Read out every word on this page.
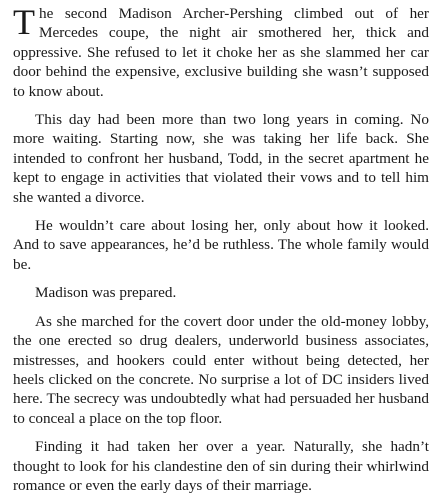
The second Madison Archer-Pershing climbed out of her Mercedes coupe, the night air smothered her, thick and oppressive. She refused to let it choke her as she slammed her car door behind the expensive, exclusive building she wasn’t supposed to know about.

This day had been more than two long years in coming. No more waiting. Starting now, she was taking her life back. She intended to confront her husband, Todd, in the secret apartment he kept to engage in activities that violated their vows and to tell him she wanted a divorce.

He wouldn’t care about losing her, only about how it looked. And to save appearances, he’d be ruthless. The whole family would be.

Madison was prepared.

As she marched for the covert door under the old-money lobby, the one erected so drug dealers, underworld business associates, mistresses, and hookers could enter without being detected, her heels clicked on the concrete. No surprise a lot of DC insiders lived here. The secrecy was undoubtedly what had persuaded her husband to conceal a place on the top floor.

Finding it had taken her over a year. Naturally, she hadn’t thought to look for his clandestine den of sin during their whirlwind romance or even the early days of their marriage.
